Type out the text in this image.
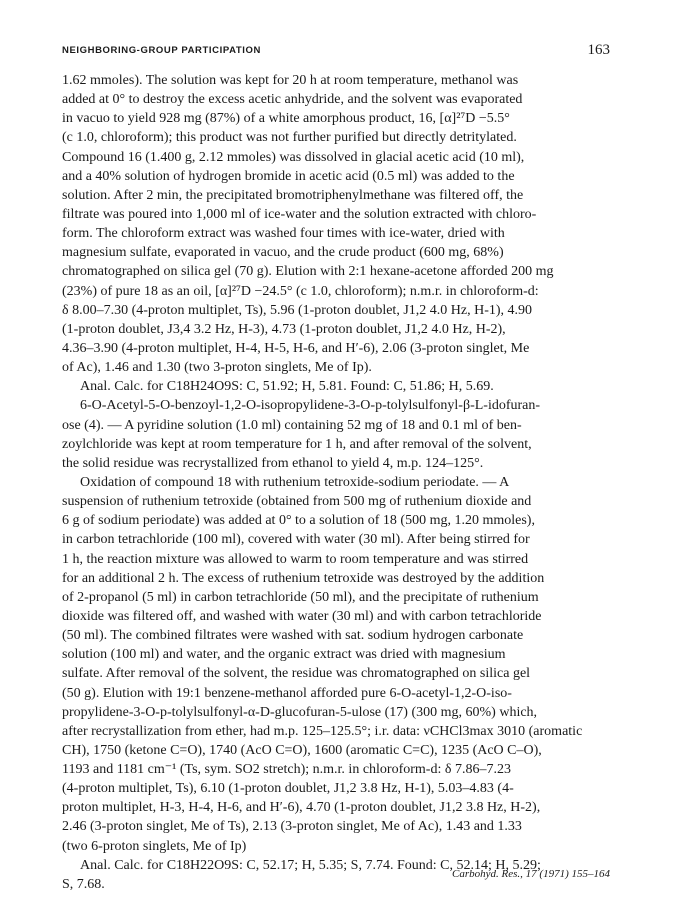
NEIGHBORING-GROUP PARTICIPATION	163
1.62 mmoles). The solution was kept for 20 h at room temperature, methanol was
added at 0° to destroy the excess acetic anhydride, and the solvent was evaporated
in vacuo to yield 928 mg (87%) of a white amorphous product, 16, [α]²⁷D −5.5°
(c 1.0, chloroform); this product was not further purified but directly detritylated.
Compound 16 (1.400 g, 2.12 mmoles) was dissolved in glacial acetic acid (10 ml),
and a 40% solution of hydrogen bromide in acetic acid (0.5 ml) was added to the
solution. After 2 min, the precipitated bromotriphenylmethane was filtered off, the
filtrate was poured into 1,000 ml of ice-water and the solution extracted with chloro-
form. The chloroform extract was washed four times with ice-water, dried with
magnesium sulfate, evaporated in vacuo, and the crude product (600 mg, 68%)
chromatographed on silica gel (70 g). Elution with 2:1 hexane-acetone afforded 200 mg
(23%) of pure 18 as an oil, [α]²⁷D −24.5° (c 1.0, chloroform); n.m.r. in chloroform-d:
δ 8.00–7.30 (4-proton multiplet, Ts), 5.96 (1-proton doublet, J1,2 4.0 Hz, H-1), 4.90
(1-proton doublet, J3,4 3.2 Hz, H-3), 4.73 (1-proton doublet, J1,2 4.0 Hz, H-2),
4.36–3.90 (4-proton multiplet, H-4, H-5, H-6, and H′-6), 2.06 (3-proton singlet, Me
of Ac), 1.46 and 1.30 (two 3-proton singlets, Me of Ip).
Anal. Calc. for C18H24O9S: C, 51.92; H, 5.81. Found: C, 51.86; H, 5.69.
6-O-Acetyl-5-O-benzoyl-1,2-O-isopropylidene-3-O-p-tolylsulfonyl-β-L-idofuran-
ose (4). — A pyridine solution (1.0 ml) containing 52 mg of 18 and 0.1 ml of ben-
zoylchloride was kept at room temperature for 1 h, and after removal of the solvent,
the solid residue was recrystallized from ethanol to yield 4, m.p. 124–125°.
Oxidation of compound 18 with ruthenium tetroxide-sodium periodate. — A
suspension of ruthenium tetroxide (obtained from 500 mg of ruthenium dioxide and
6 g of sodium periodate) was added at 0° to a solution of 18 (500 mg, 1.20 mmoles),
in carbon tetrachloride (100 ml), covered with water (30 ml). After being stirred for
1 h, the reaction mixture was allowed to warm to room temperature and was stirred
for an additional 2 h. The excess of ruthenium tetroxide was destroyed by the addition
of 2-propanol (5 ml) in carbon tetrachloride (50 ml), and the precipitate of ruthenium
dioxide was filtered off, and washed with water (30 ml) and with carbon tetrachloride
(50 ml). The combined filtrates were washed with sat. sodium hydrogen carbonate
solution (100 ml) and water, and the organic extract was dried with magnesium
sulfate. After removal of the solvent, the residue was chromatographed on silica gel
(50 g). Elution with 19:1 benzene-methanol afforded pure 6-O-acetyl-1,2-O-iso-
propylidene-3-O-p-tolylsulfonyl-α-D-glucofuran-5-ulose (17) (300 mg, 60%) which,
after recrystallization from ether, had m.p. 125–125.5°; i.r. data: νCHCl3max 3010 (aromatic
CH), 1750 (ketone C=O), 1740 (AcO C=O), 1600 (aromatic C=C), 1235 (AcO C–O),
1193 and 1181 cm⁻¹ (Ts, sym. SO2 stretch); n.m.r. in chloroform-d: δ 7.86–7.23
(4-proton multiplet, Ts), 6.10 (1-proton doublet, J1,2 3.8 Hz, H-1), 5.03–4.83 (4-
proton multiplet, H-3, H-4, H-6, and H′-6), 4.70 (1-proton doublet, J1,2 3.8 Hz, H-2),
2.46 (3-proton singlet, Me of Ts), 2.13 (3-proton singlet, Me of Ac), 1.43 and 1.33
(two 6-proton singlets, Me of Ip)
Anal. Calc. for C18H22O9S: C, 52.17; H, 5.35; S, 7.74. Found: C, 52.14; H, 5.29;
S, 7.68.
Carbohyd. Res., 17 (1971) 155–164
